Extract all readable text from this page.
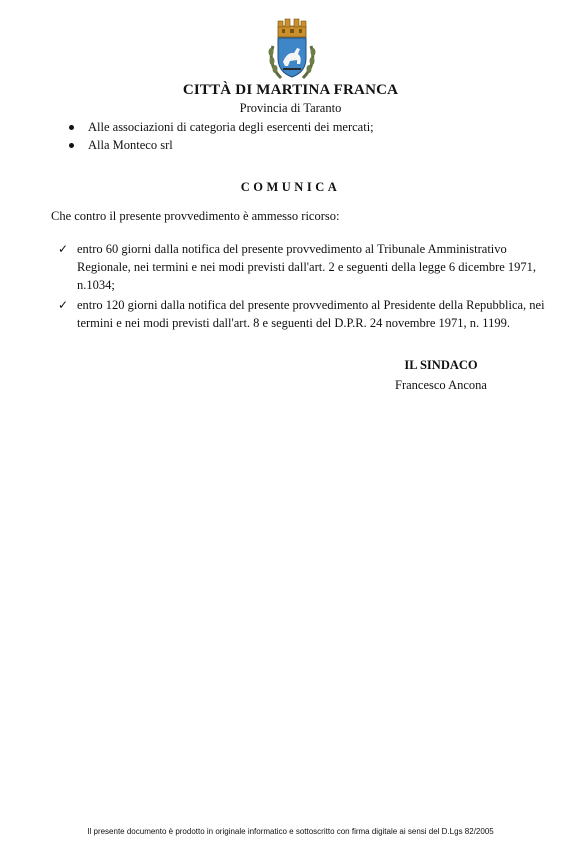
CITTÀ DI MARTINA FRANCA
Provincia di Taranto
Alle associazioni di categoria degli esercenti dei mercati;
Alla Monteco srl
COMUNICA
Che contro il presente provvedimento è ammesso ricorso:
✓ entro 60 giorni dalla notifica del presente provvedimento al Tribunale Amministrativo Regionale, nei termini e nei modi previsti dall'art. 2 e seguenti della legge 6 dicembre 1971, n.1034;
✓ entro 120 giorni dalla notifica del presente provvedimento al Presidente della Repubblica, nei termini e nei modi previsti dall'art. 8 e seguenti del D.P.R. 24 novembre 1971, n. 1199.
IL SINDACO
Francesco Ancona
Il presente documento è prodotto in originale informatico e sottoscritto con firma digitale ai sensi del D.Lgs 82/2005
